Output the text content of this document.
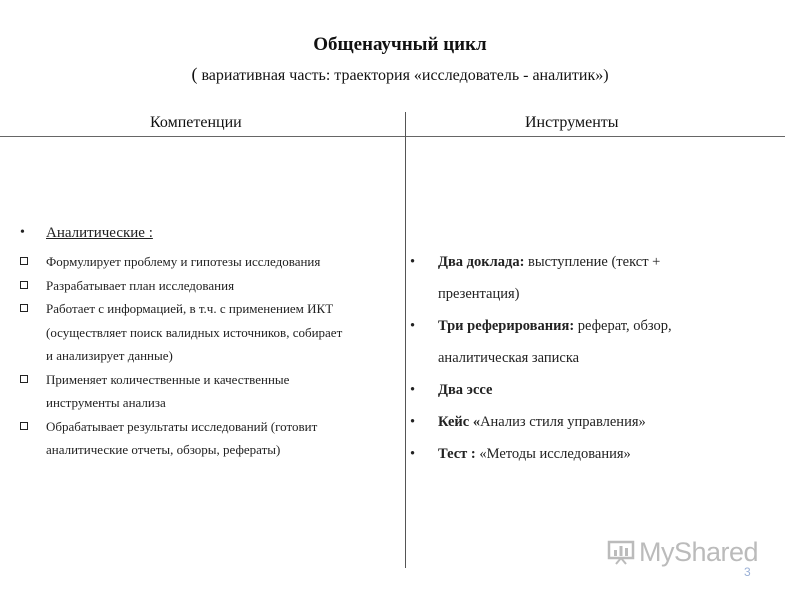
Общенаучный цикл
( вариативная часть: траектория «исследователь - аналитик»)
Компетенции	Инструменты
• Аналитические :
Формулирует проблему и гипотезы исследования
Разрабатывает план исследования
Работает с информацией, в т.ч. с применением ИКТ
(осуществляет поиск валидных источников, собирает
и анализирует данные)
Применяет количественные и качественные
инструменты анализа
Обрабатывает результаты исследований (готовит
аналитические отчеты, обзоры, рефераты)
• Два доклада: выступление (текст +
презентация)
• Три реферирования: реферат, обзор,
аналитическая записка
• Два эссе
• Кейс «Анализ стиля управления»
• Тест : «Методы исследования»
MyShared
3
